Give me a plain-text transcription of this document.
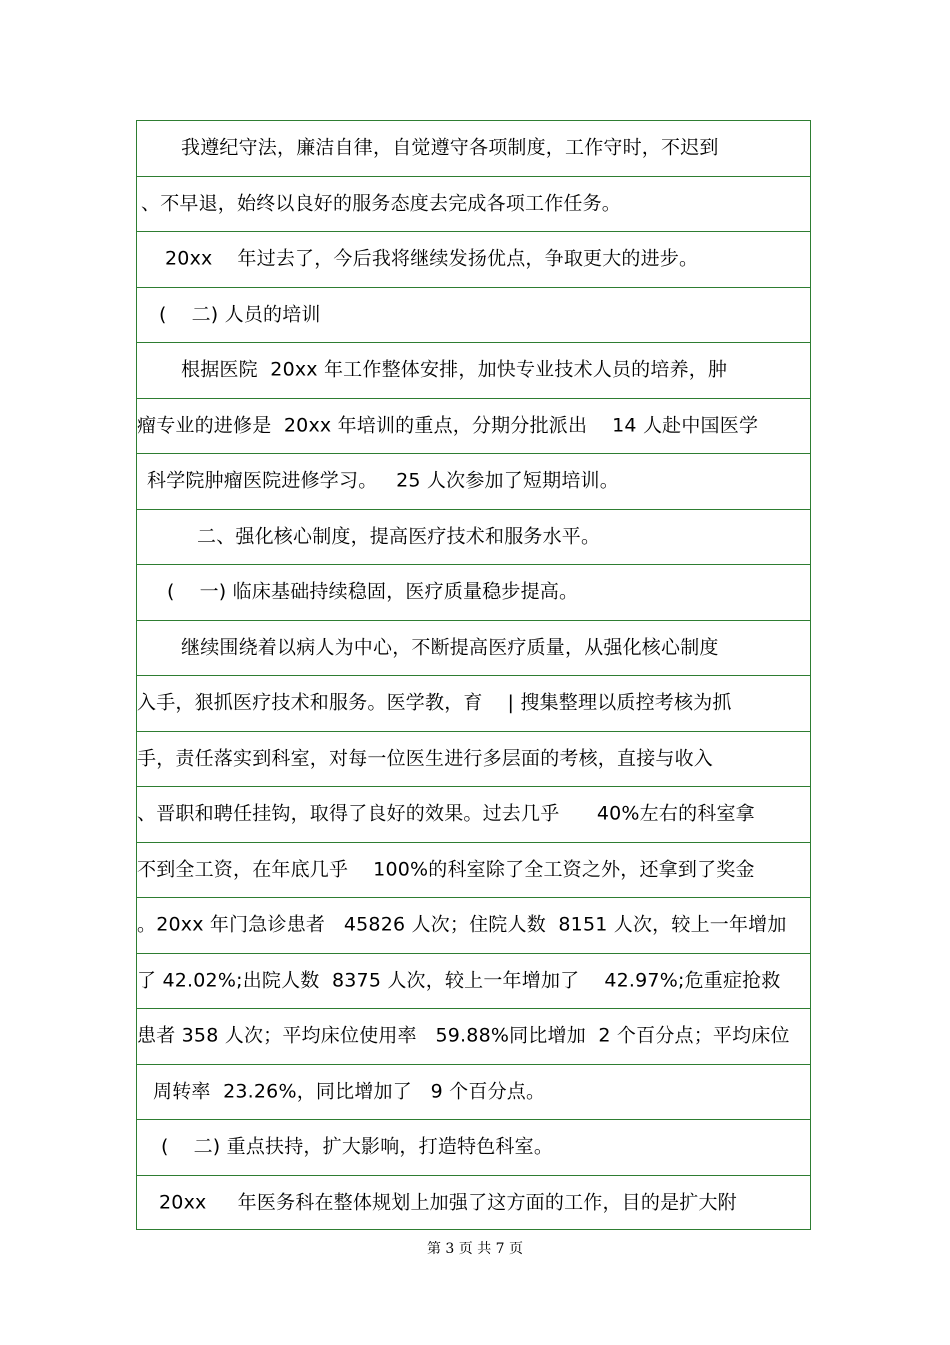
我遵纪守法，廉洁自律，自觉遵守各项制度，工作守时，不迟到
、不早退，始终以良好的服务态度去完成各项工作任务。
20xx    年过去了，今后我将继续发扬优点，争取更大的进步。
(    二) 人员的培训
根据医院  20xx 年工作整体安排，加快专业技术人员的培养，肿
瘤专业的进修是  20xx 年培训的重点，分期分批派出    14 人赴中国医学
科学院肿瘤医院进修学习。   25 人次参加了短期培训。
二、强化核心制度，提高医疗技术和服务水平。
(    一) 临床基础持续稳固，医疗质量稳步提高。
继续围绕着以病人为中心，不断提高医疗质量，从强化核心制度
入手，狠抓医疗技术和服务。医学教，育    | 搜集整理以质控考核为抓
手，责任落实到科室，对每一位医生进行多层面的考核，直接与收入
、晋职和聘任挂钩，取得了良好的效果。过去几乎      40%左右的科室拿
不到全工资，在年底几乎    100%的科室除了全工资之外，还拿到了奖金
。20xx 年门急诊患者   45826 人次；住院人数  8151 人次，较上一年增加
了 42.02%;出院人数  8375 人次，较上一年增加了    42.97%;危重症抢救
患者 358 人次；平均床位使用率   59.88%同比增加  2 个百分点；平均床位
周转率  23.26%，同比增加了   9 个百分点。
(    二) 重点扶持，扩大影响，打造特色科室。
20xx     年医务科在整体规划上加强了这方面的工作，目的是扩大附
第 3 页 共 7 页
